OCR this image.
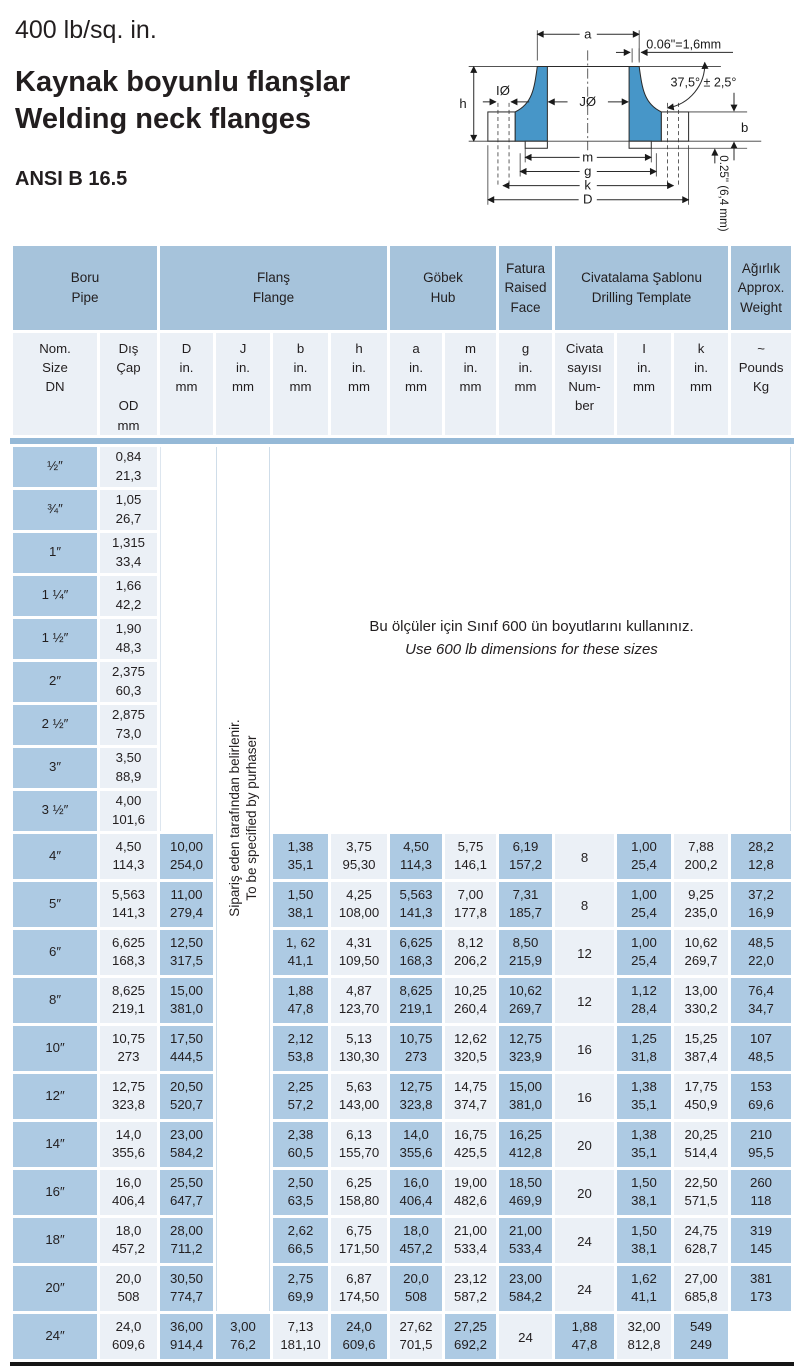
400 lb/sq. in.
Kaynak boyunlu flanşlar
Welding neck flanges
ANSI B 16.5
a
0.06"=1,6mm
37,5° ± 2,5°
h
IØ
JØ
b
0.25" (6,4 mm)
m
g
k
D
Boru
Pipe		Flanş
Flange				Göbek
Hub		Fatura
Raised
Face	Civatalama Şablonu
Drilling Template			Ağırlık
Approx.
Weight
Nom.
Size
DN	Dış
Çap

OD
mm	D
in.
mm	J
in.
mm	b
in.
mm	h
in.
mm	a
in.
mm	m
in.
mm	g
in.
mm	Civata
sayısı
Num-
ber	I
in.
mm	k
in.
mm	~
Pounds
Kg
½″	0,84
21,3		
Sipariş eden tarafından belirlenir. To be specified by purhaser

Bu ölçüler için Sınıf 600 ün boyutlarını kullanınız.
Use 600 lb dimensions for these sizes

¾″	1,05
26,7											
1″	1,315
33,4											
1 ¼″	1,66
42,2											
1 ½″	1,90
48,3											
2″	2,375
60,3											
2 ½″	2,875
73,0											
3″	3,50
88,9											
3 ½″	4,00
101,6											
4″	4,50
114,3	10,00
254,0		1,38
35,1	3,75
95,30	4,50
114,3	5,75
146,1	6,19
157,2	8	1,00
25,4	7,88
200,2	28,2
12,8
5″	5,563
141,3	11,00
279,4		1,50
38,1	4,25
108,00	5,563
141,3	7,00
177,8	7,31
185,7	8	1,00
25,4	9,25
235,0	37,2
16,9
6″	6,625
168,3	12,50
317,5		1, 62
41,1	4,31
109,50	6,625
168,3	8,12
206,2	8,50
215,9	12	1,00
25,4	10,62
269,7	48,5
22,0
8″	8,625
219,1	15,00
381,0		1,88
47,8	4,87
123,70	8,625
219,1	10,25
260,4	10,62
269,7	12	1,12
28,4	13,00
330,2	76,4
34,7
10″	10,75
273	17,50
444,5		2,12
53,8	5,13
130,30	10,75
273	12,62
320,5	12,75
323,9	16	1,25
31,8	15,25
387,4	107
48,5
12″	12,75
323,8	20,50
520,7		2,25
57,2	5,63
143,00	12,75
323,8	14,75
374,7	15,00
381,0	16	1,38
35,1	17,75
450,9	153
69,6
14″	14,0
355,6	23,00
584,2		2,38
60,5	6,13
155,70	14,0
355,6	16,75
425,5	16,25
412,8	20	1,38
35,1	20,25
514,4	210
95,5
16″	16,0
406,4	25,50
647,7		2,50
63,5	6,25
158,80	16,0
406,4	19,00
482,6	18,50
469,9	20	1,50
38,1	22,50
571,5	260
118
18″	18,0
457,2	28,00
711,2		2,62
66,5	6,75
171,50	18,0
457,2	21,00
533,4	21,00
533,4	24	1,50
38,1	24,75
628,7	319
145
20″	20,0
508	30,50
774,7		2,75
69,9	6,87
174,50	20,0
508	23,12
587,2	23,00
584,2	24	1,62
41,1	27,00
685,8	381
173
24″	24,0
609,6	36,00
914,4	3,00
76,2	7,13
181,10	24,0
609,6	27,62
701,5	27,25
692,2	24	1,88
47,8	32,00
812,8	549
249	
